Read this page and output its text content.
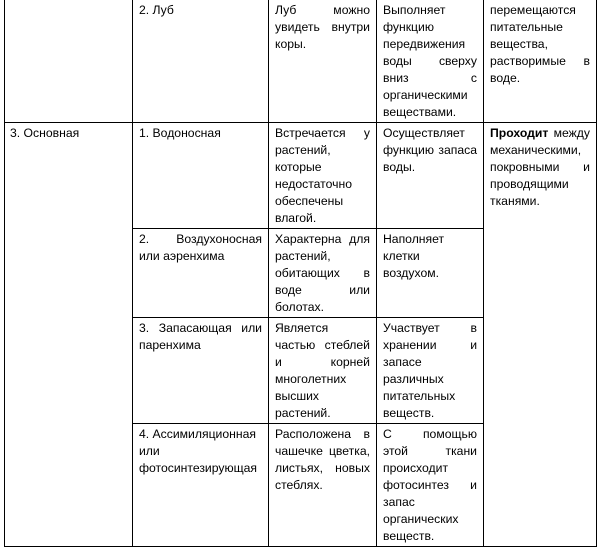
	2. Луб	Луб можно увидеть внутри коры.	Выполняет функцию передвижения воды сверху вниз с органическими веществами.	перемещаются питательные вещества, растворимые в воде.
3. Основная	1. Водоносная	Встречается у растений, которые недостаточно обеспечены влагой.	Осуществляет функцию запаса воды.	Проходит между механическими, покровными и проводящими тканями.
	2. Воздухоносная или аэренхима	Характерна для растений, обитающих в воде или болотах.	Наполняет клетки воздухом.	
	3. Запасающая или паренхима	Является частью стеблей и корней многолетних высших растений.	Участвует в хранении и запасе различных питательных веществ.	
	4. Ассимиляционная или фотосинтезирующая	Расположена в чашечке цветка, листьях, новых стеблях.	С помощью этой ткани происходит фотосинтез и запас органических веществ.	
